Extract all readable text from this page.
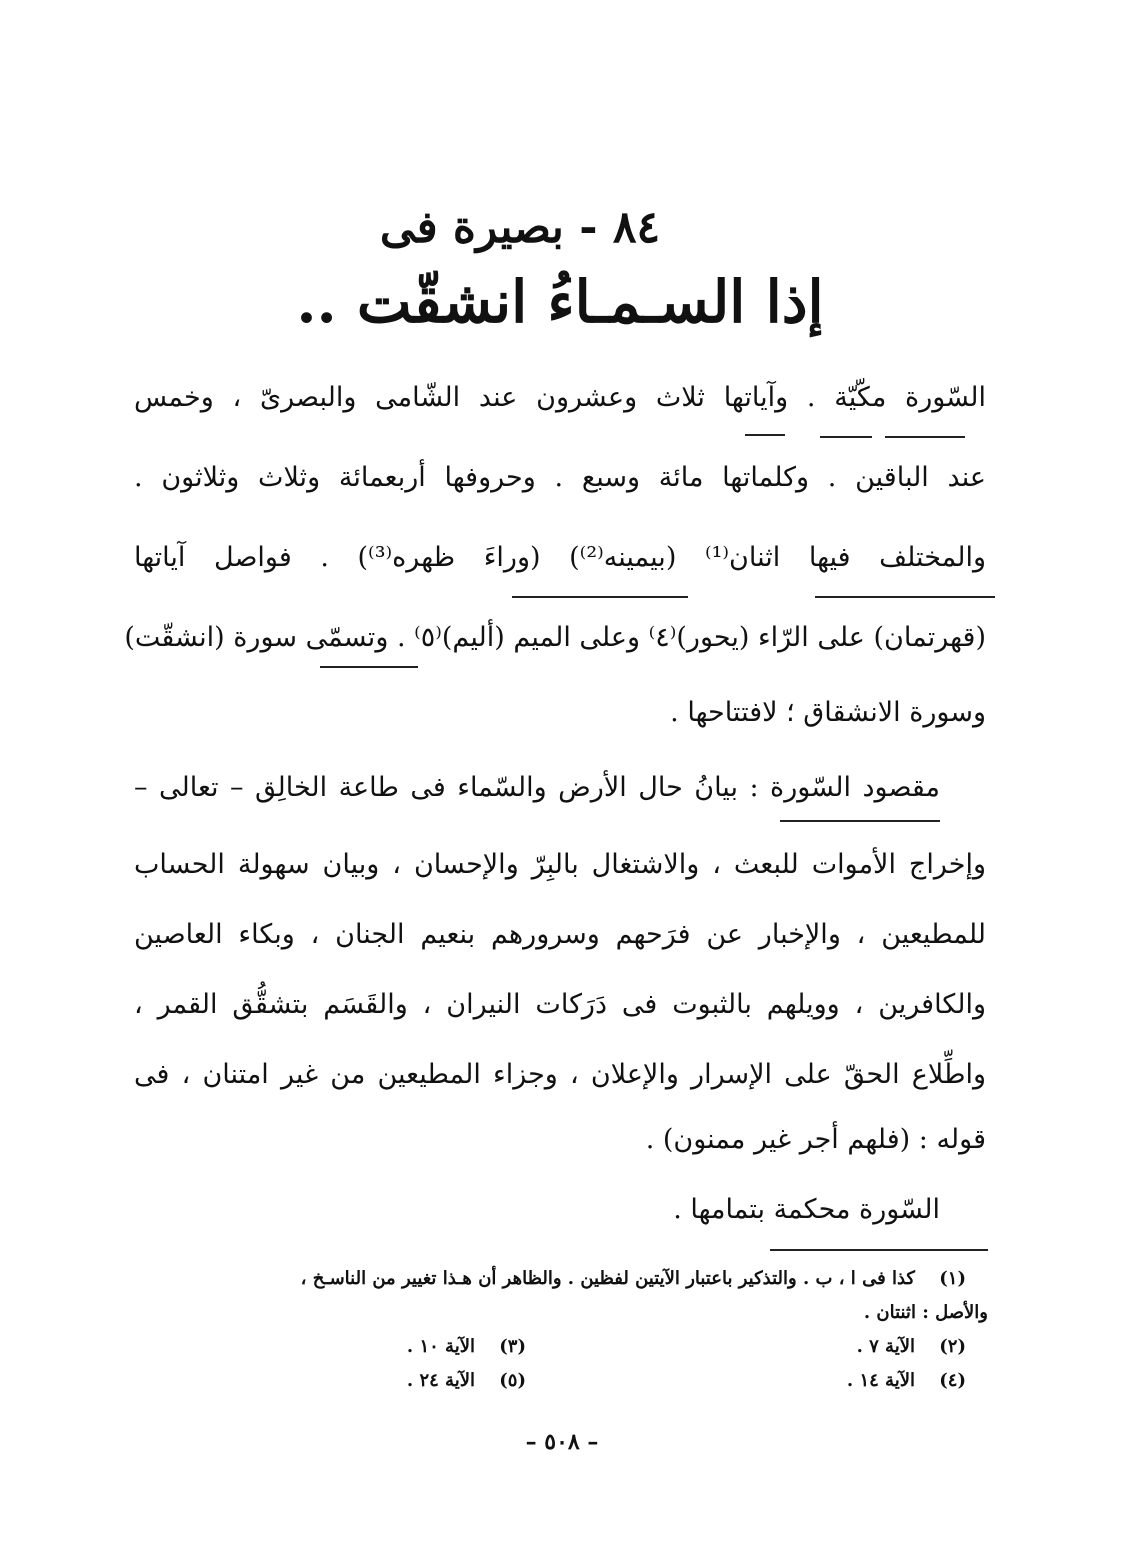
٨٤ - بصيرة فى
إذا السـمـاءُ انشقّت ..
السّورة مكّيّة . وآياتها ثلاث وعشرون عند الشّامى والبصرىّ ، وخمس
عند الباقين . وكلماتها مائة وسبع . وحروفها أربعمائة وثلاث وثلاثون .
والمختلف فيها اثنان⁽¹⁾ (بيمينه⁽²⁾) (وراءَ ظهره⁽³⁾) . فواصل آياتها
(قهرتمان) على الرّاء (يحور)⁽٤⁾ وعلى الميم (أليم)⁽٥⁾ . وتسمّى سورة (انشقّت)
وسورة الانشقاق ؛ لافتتاحها .
مقصود السّورة : بيانُ حال الأرض والسّماء فى طاعة الخالِق – تعالى –
وإخراج الأموات للبعث ، والاشتغال بالبِرّ والإحسان ، وبيان سهولة الحساب
للمطيعين ، والإخبار عن فرَحهم وسرورهم بنعيم الجنان ، وبكاء العاصين
والكافرين ، وويلهم بالثبوت فى دَرَكات النيران ، والقَسَم بتشقُّق القمر ،
واطِّلاع الحقّ على الإسرار والإعلان ، وجزاء المطيعين من غير امتنان ، فى
قوله : (فلهم أجر غير ممنون) .
السّورة محكمة بتمامها .
(١) كذا فى ا ، ب . والتذكير باعتبار الآيتين لفظين . والظاهر أن هـذا تغيير من الناسـخ ،
والأصل : اثنتان .
(٢) الآية ٧ .
(٣) الآية ١٠ .
(٤) الآية ١٤ .
(٥) الآية ٢٤ .
– ٥٠٨ –
